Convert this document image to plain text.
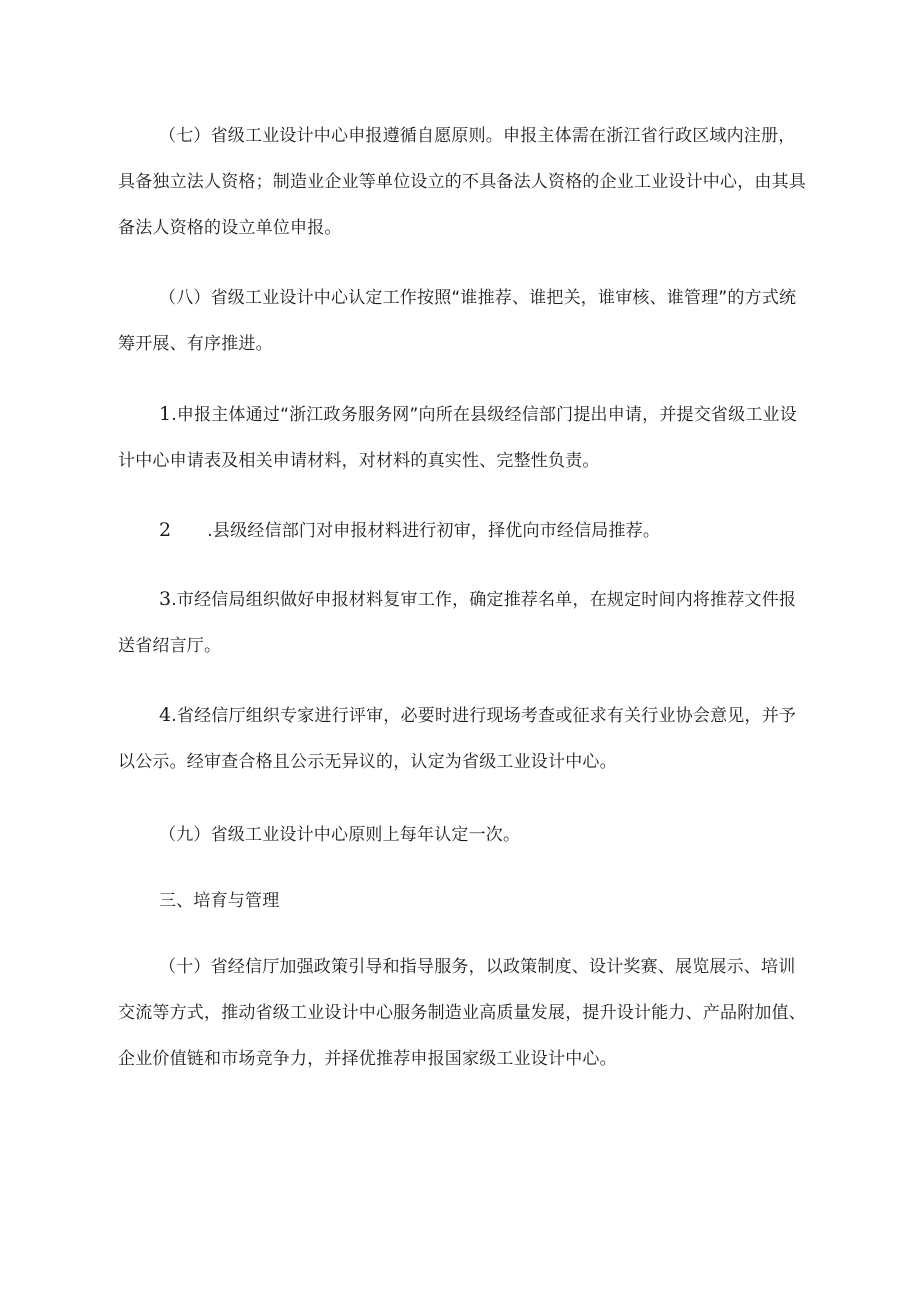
（七）省级工业设计中心申报遵循自愿原则。申报主体需在浙江省行政区域内注册，具备独立法人资格；制造业企业等单位设立的不具备法人资格的企业工业设计中心，由其具备法人资格的设立单位申报。

（八）省级工业设计中心认定工作按照“谁推荐、谁把关，谁审核、谁管理”的方式统筹开展、有序推进。

1.申报主体通过“浙江政务服务网”向所在县级经信部门提出申请，并提交省级工业设计中心申请表及相关申请材料，对材料的真实性、完整性负责。

2 .县级经信部门对申报材料进行初审，择优向市经信局推荐。

3.市经信局组织做好申报材料复审工作，确定推荐名单，在规定时间内将推荐文件报送省绍言厅。

4.省经信厅组织专家进行评审，必要时进行现场考查或征求有关行业协会意见，并予以公示。经审查合格且公示无异议的，认定为省级工业设计中心。

（九）省级工业设计中心原则上每年认定一次。

三、培育与管理

（十）省经信厅加强政策引导和指导服务，以政策制度、设计奖赛、展览展示、培训交流等方式，推动省级工业设计中心服务制造业高质量发展，提升设计能力、产品附加值、企业价值链和市场竞争力，并择优推荐申报国家级工业设计中心。
